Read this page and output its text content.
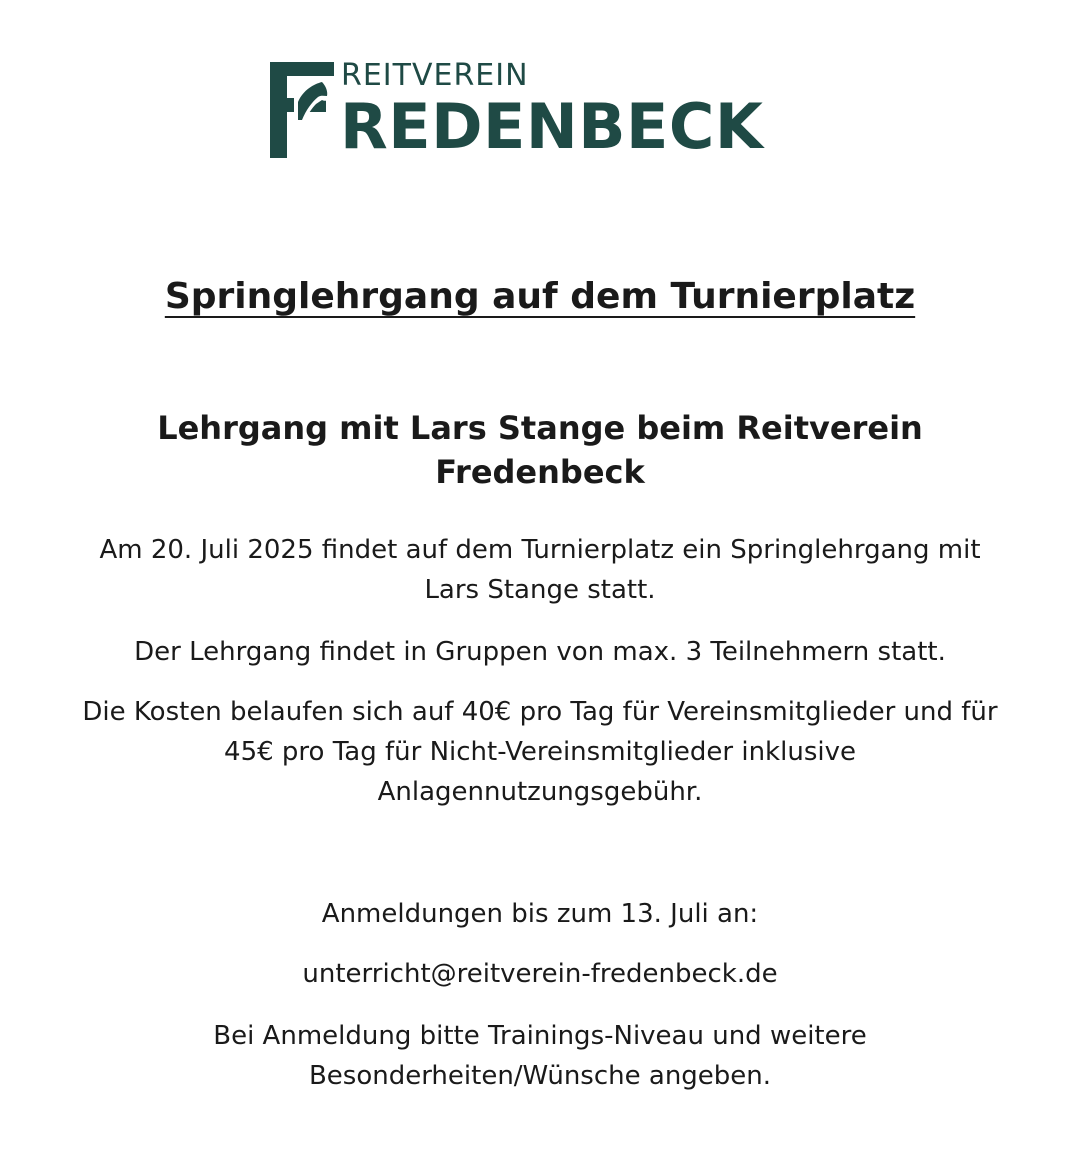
REITVEREIN
REDENBECK
Springlehrgang auf dem Turnierplatz
Lehrgang mit Lars Stange beim Reitverein Fredenbeck

Am 20. Juli 2025 findet auf dem Turnierplatz ein Springlehrgang mit Lars Stange statt.

Der Lehrgang findet in Gruppen von max. 3 Teilnehmern statt.

Die Kosten belaufen sich auf 40€ pro Tag für Vereinsmitglieder und für 45€ pro Tag für Nicht-Vereinsmitglieder inklusive Anlagennutzungsgebühr.

Anmeldungen bis zum 13. Juli an:

unterricht@reitverein-fredenbeck.de

Bei Anmeldung bitte Trainings-Niveau und weitere Besonderheiten/Wünsche angeben.
